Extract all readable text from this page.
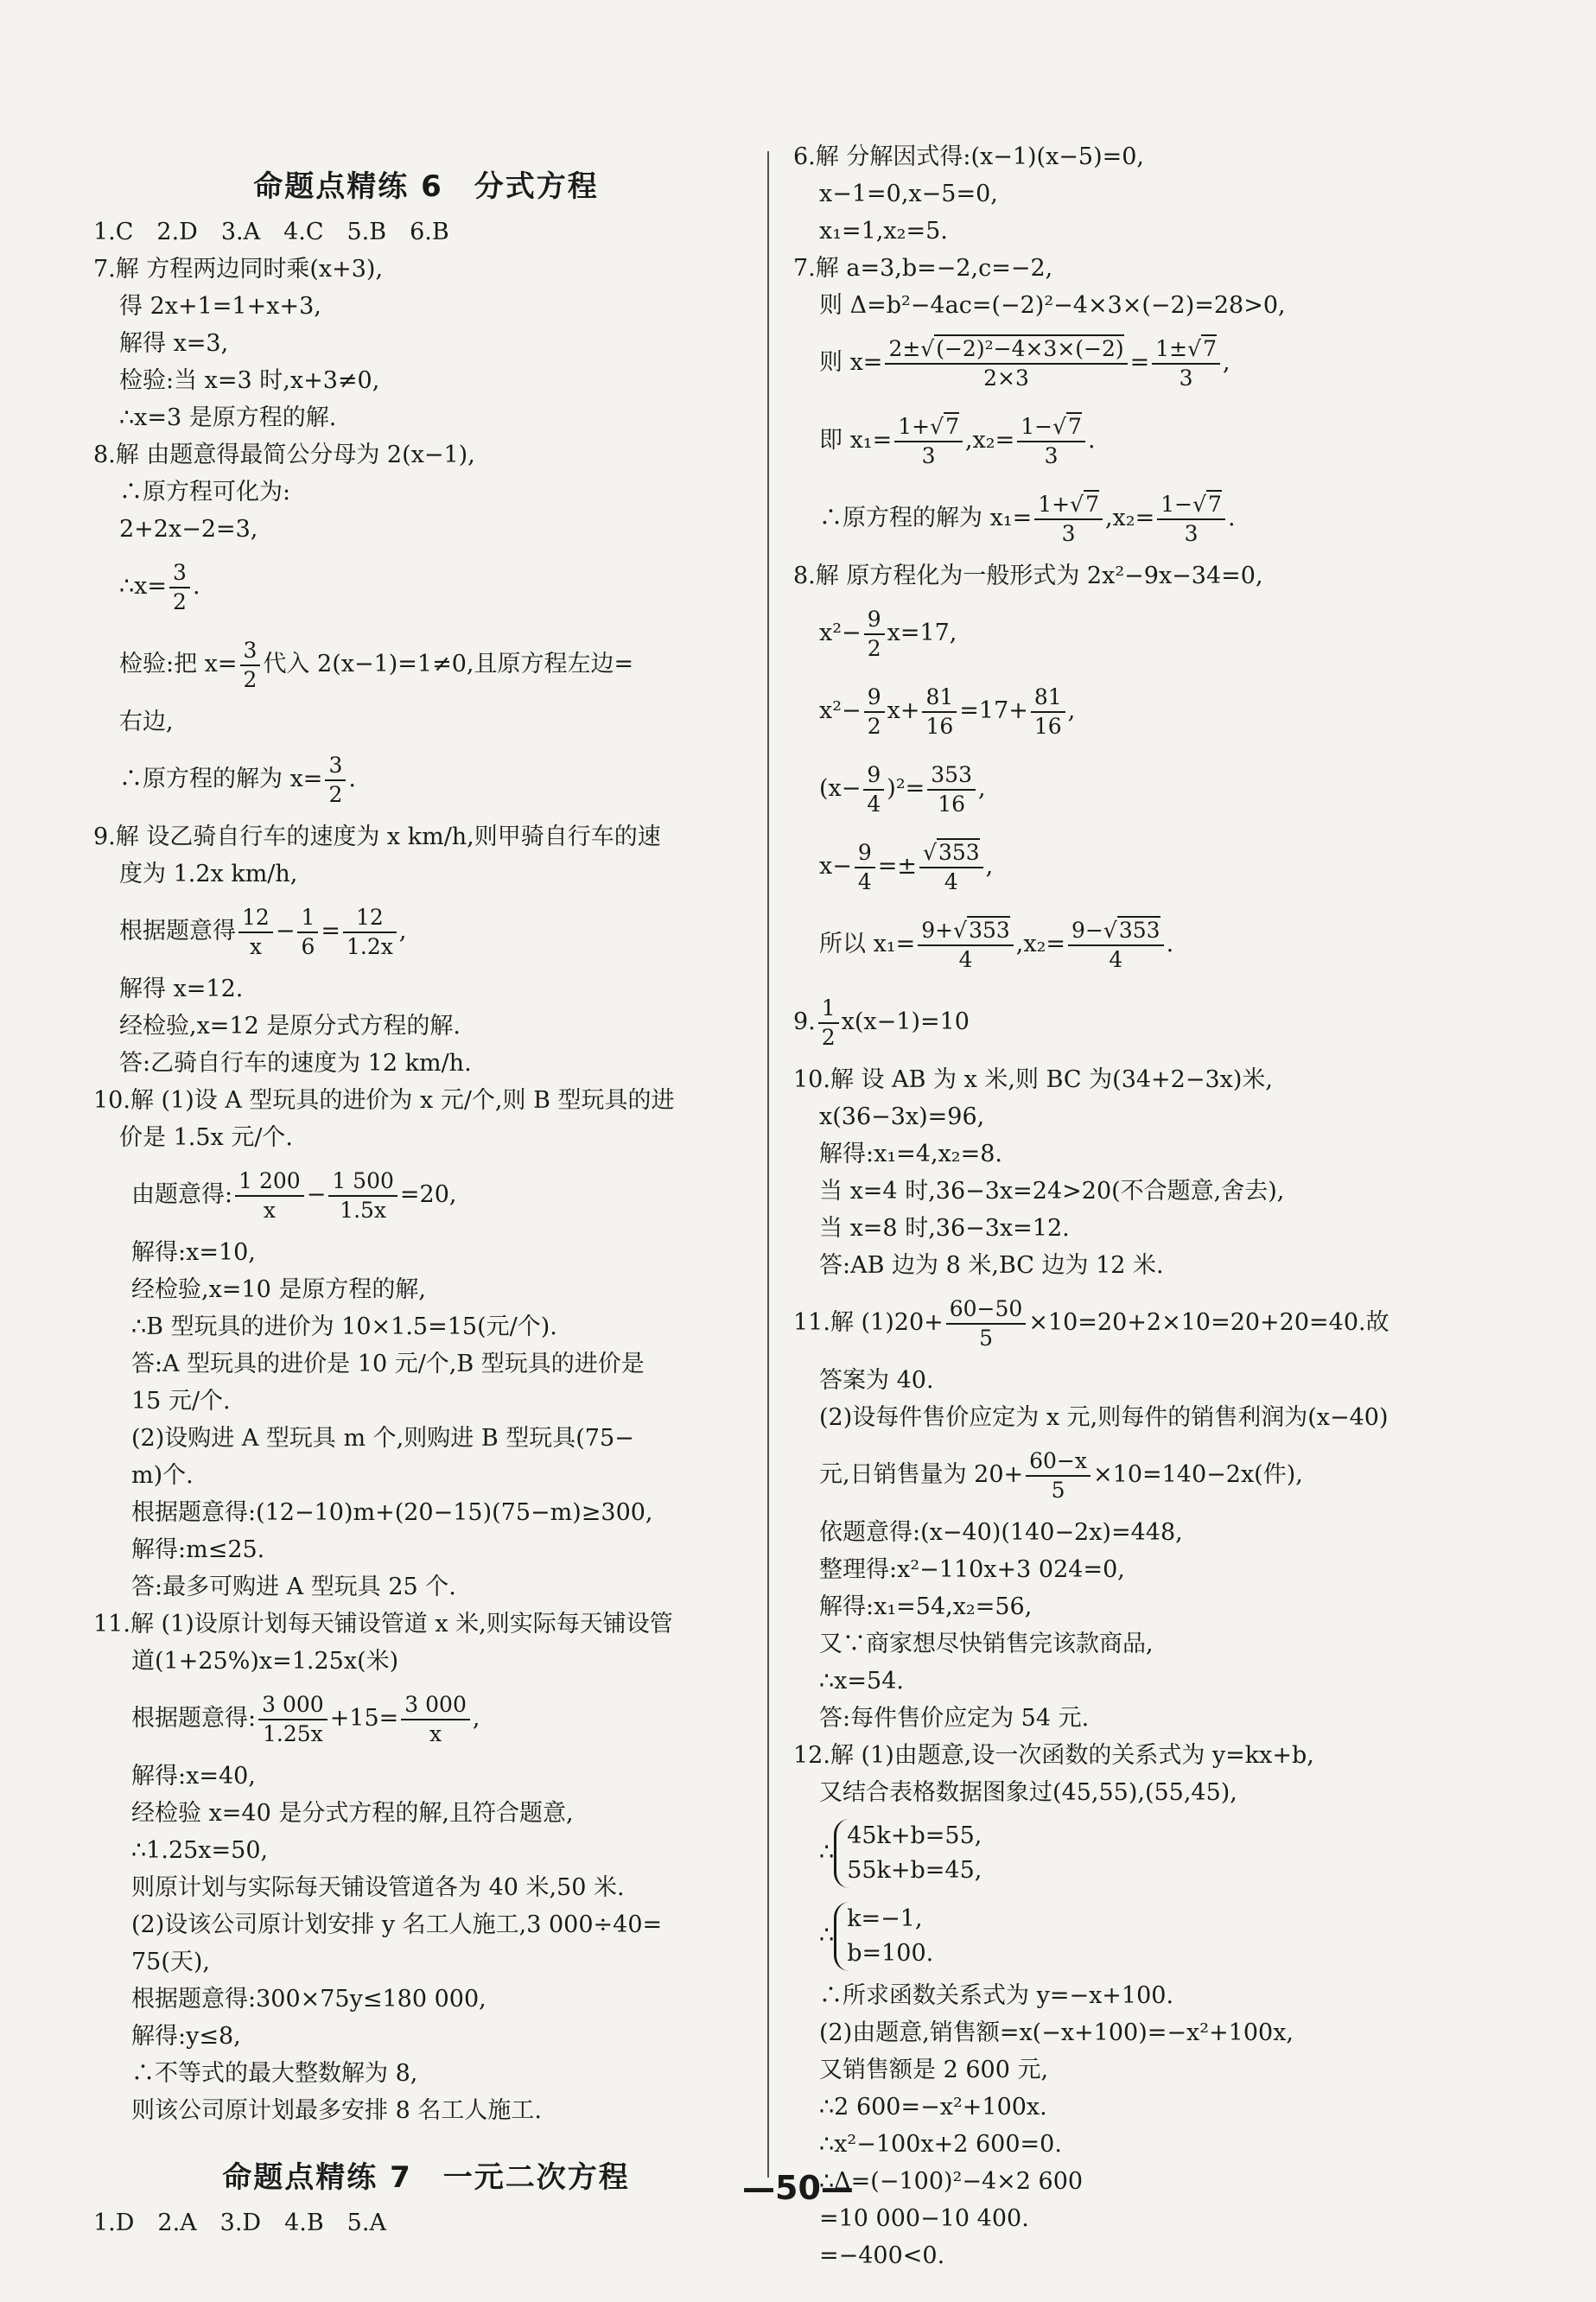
命题点精练 6　分式方程
1.C　2.D　3.A　4.C　5.B　6.B
7.解 方程两边同时乘(x+3),
得 2x+1=1+x+3,
解得 x=3,
检验:当 x=3 时,x+3≠0,
∴x=3 是原方程的解.
8.解 由题意得最简公分母为 2(x−1),
∴原方程可化为:
2+2x−2=3,
∴x= $\frac{3}{2}$ .
检验:把 $x= \frac{3}{2}$ 代入 2(x−1)=1≠0,且原方程左边=
右边,
∴原方程的解为 $x= \frac{3}{2}$ .
9.解 设乙骑自行车的速度为 x km/h,则甲骑自行车的速
度为 1.2x km/h,
根据题意得 $\frac{12}{x} - \frac{1}{6} = \frac{12}{1.2x}$ ,
解得 x=12.
经检验,x=12 是原分式方程的解.
答:乙骑自行车的速度为 12 km/h.
10.解 (1)设 A 型玩具的进价为 x 元/个,则 B 型玩具的进
价是 1.5x 元/个.
由题意得: $\frac{1 200}{x} - \frac{1 500}{1.5x} =20$,
解得:x=10,
经检验,x=10 是原方程的解,
∴B 型玩具的进价为 10×1.5=15(元/个).
答:A 型玩具的进价是 10 元/个,B 型玩具的进价是
15 元/个.
(2)设购进 A 型玩具 m 个,则购进 B 型玩具(75−
m)个.
根据题意得:(12−10)m+(20−15)(75−m)≥300,
解得:m≤25.
答:最多可购进 A 型玩具 25 个.
11.解 (1)设原计划每天铺设管道 x 米,则实际每天铺设管
道(1+25%)x=1.25x(米)
根据题意得: $\frac{3 000}{1.25x} +15= \frac{3 000}{x}$ ,
解得:x=40,
经检验 x=40 是分式方程的解,且符合题意,
∴1.25x=50,
则原计划与实际每天铺设管道各为 40 米,50 米.
(2)设该公司原计划安排 y 名工人施工,3 000÷40=
75(天),
根据题意得:300×75y≤180 000,
解得:y≤8,
∴不等式的最大整数解为 8,
则该公司原计划最多安排 8 名工人施工.
命题点精练 7　一元二次方程
1.D　2.A　3.D　4.B　5.A
6.解 分解因式得:(x−1)(x−5)=0,
x−1=0,x−5=0,
x₁=1,x₂=5.
7.解 a=3,b=−2,c=−2,
则 Δ=b²−4ac=(−2)²−4×3×(−2)=28>0,
则 $x= \frac{\text{2±√(−2)²−4×3×(−2)}}{2\times 3} = \frac{1\pm√7}{3}$ ,
即 $x_1= \frac{1+√7}{3} ,x_2= \frac{1-√7}{3}$ .
∴原方程的解为 $x_1= \frac{1+√7}{3} ,x_2= \frac{1-√7}{3}$ .
8.解 原方程化为一般形式为 2x²−9x−34=0,
$x^2- \frac{9}{2} x=17$,
$x^2- \frac{9}{2} x+ \frac{81}{16} =17+ \frac{81}{16}$ ,
$(x- \frac{9}{4} )^2= \frac{353}{16}$ ,
$x- \frac{9}{4} =\pm \frac{√353}{4}$ ,
所以 $x_1= \frac{9+√353}{4} ,x_2= \frac{9-√353}{4}$ .
9. $\frac{1}{2} x(x-1)=10$
10.解 设 AB 为 x 米,则 BC 为(34+2−3x)米,
x(36−3x)=96,
解得:x₁=4,x₂=8.
当 x=4 时,36−3x=24>20(不合题意,舍去),
当 x=8 时,36−3x=12.
答:AB 边为 8 米,BC 边为 12 米.
11.解 $(1)20+ \frac{60-50}{5} \times 10=20+2\times 10=20+20=40$.故
答案为 40.
(2)设每件售价应定为 x 元,则每件的销售利润为(x−40)
元,日销售量为 $20+ \frac{60-x}{5} \times 10=140-2x$(件),
依题意得:(x−40)(140−2x)=448,
整理得:x²−110x+3 024=0,
解得:x₁=54,x₂=56,
又∵商家想尽快销售完该款商品,
∴x=54.
答:每件售价应定为 54 元.
12.解 (1)由题意,设一次函数的关系式为 y=kx+b,
又结合表格数据图象过(45,55),(55,45),
∴
45k+b=55,
55k+b=45,
∴
k=−1,
b=100.
∴所求函数关系式为 y=−x+100.
(2)由题意,销售额=x(−x+100)=−x²+100x,
又销售额是 2 600 元,
∴2 600=−x²+100x.
∴x²−100x+2 600=0.
∴Δ=(−100)²−4×2 600
=10 000−10 400.
=−400<0.
—50—
